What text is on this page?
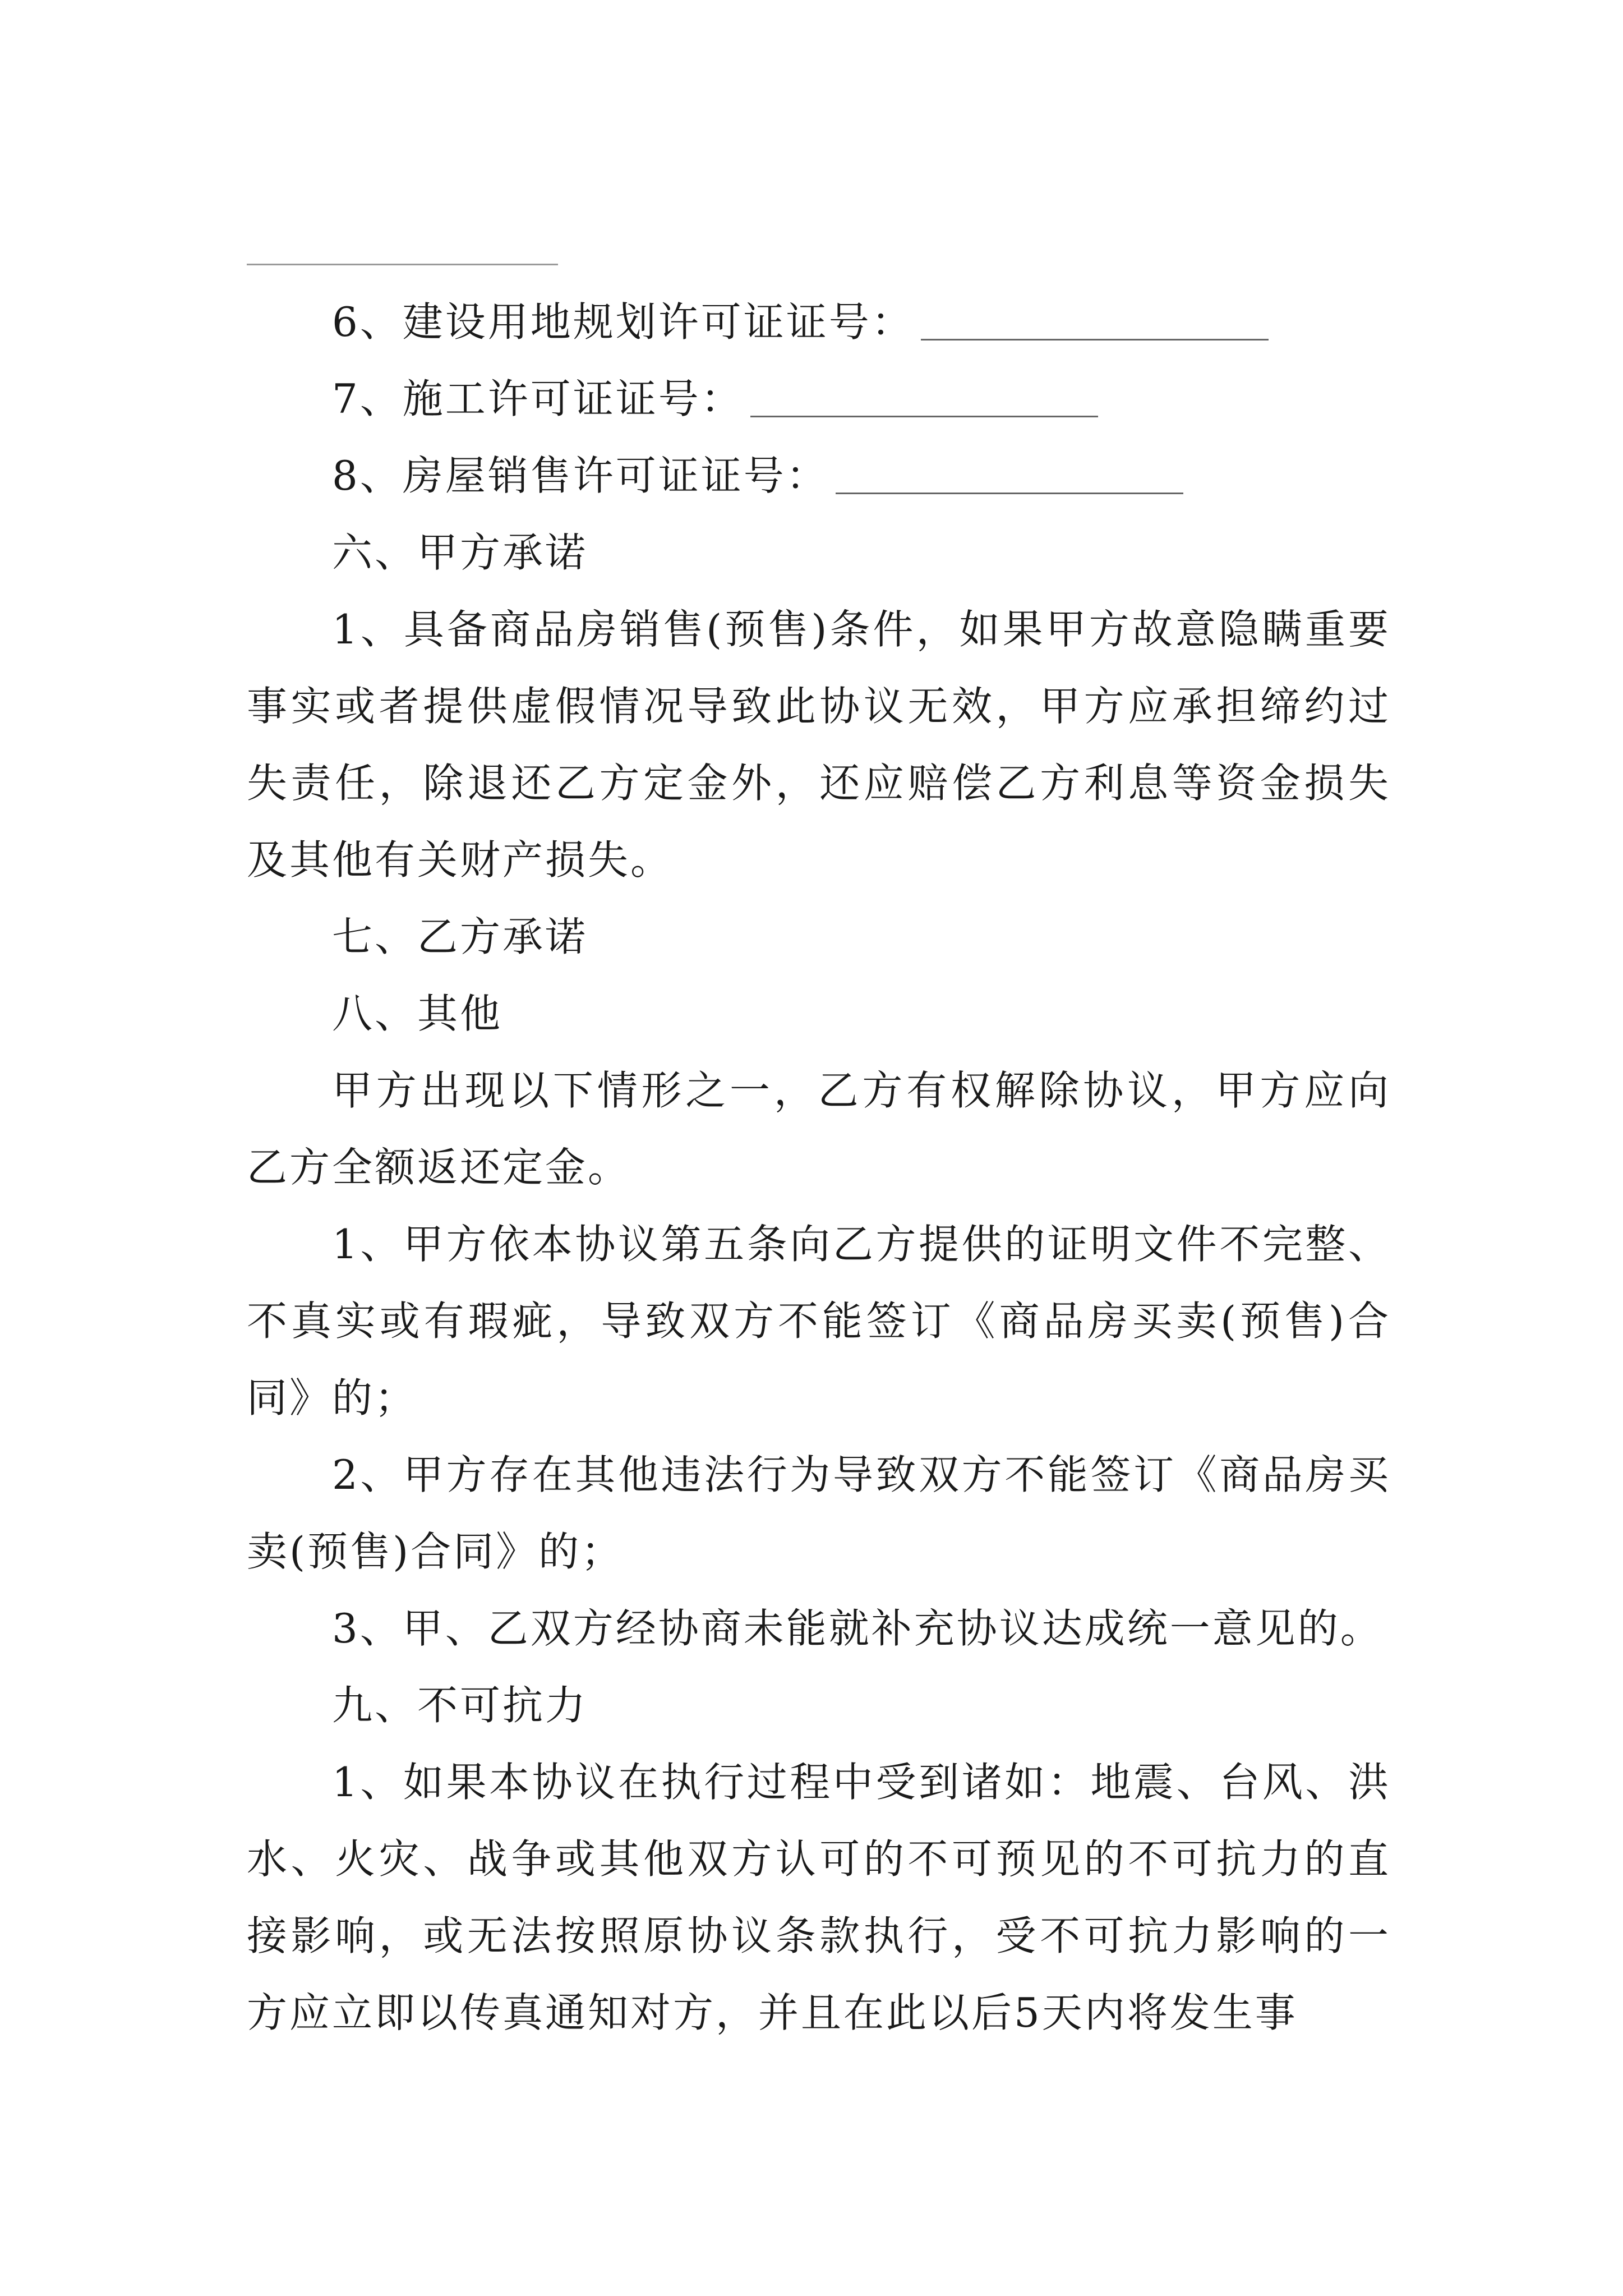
6、建设用地规划许可证证号：

7、施工许可证证号：

8、房屋销售许可证证号：

六、甲方承诺

1、具备商品房销售(预售)条件，如果甲方故意隐瞒重要事实或者提供虚假情况导致此协议无效，甲方应承担缔约过失责任，除退还乙方定金外，还应赔偿乙方利息等资金损失及其他有关财产损失。

七、乙方承诺

八、其他

甲方出现以下情形之一，乙方有权解除协议，甲方应向乙方全额返还定金。

1、甲方依本协议第五条向乙方提供的证明文件不完整、不真实或有瑕疵，导致双方不能签订《商品房买卖(预售)合同》的；

2、甲方存在其他违法行为导致双方不能签订《商品房买卖(预售)合同》的；

3、甲、乙双方经协商未能就补充协议达成统一意见的。

九、不可抗力

1、如果本协议在执行过程中受到诸如：地震、台风、洪水、火灾、战争或其他双方认可的不可预见的不可抗力的直接影响，或无法按照原协议条款执行，受不可抗力影响的一方应立即以传真通知对方，并且在此以后5天内将发生事
